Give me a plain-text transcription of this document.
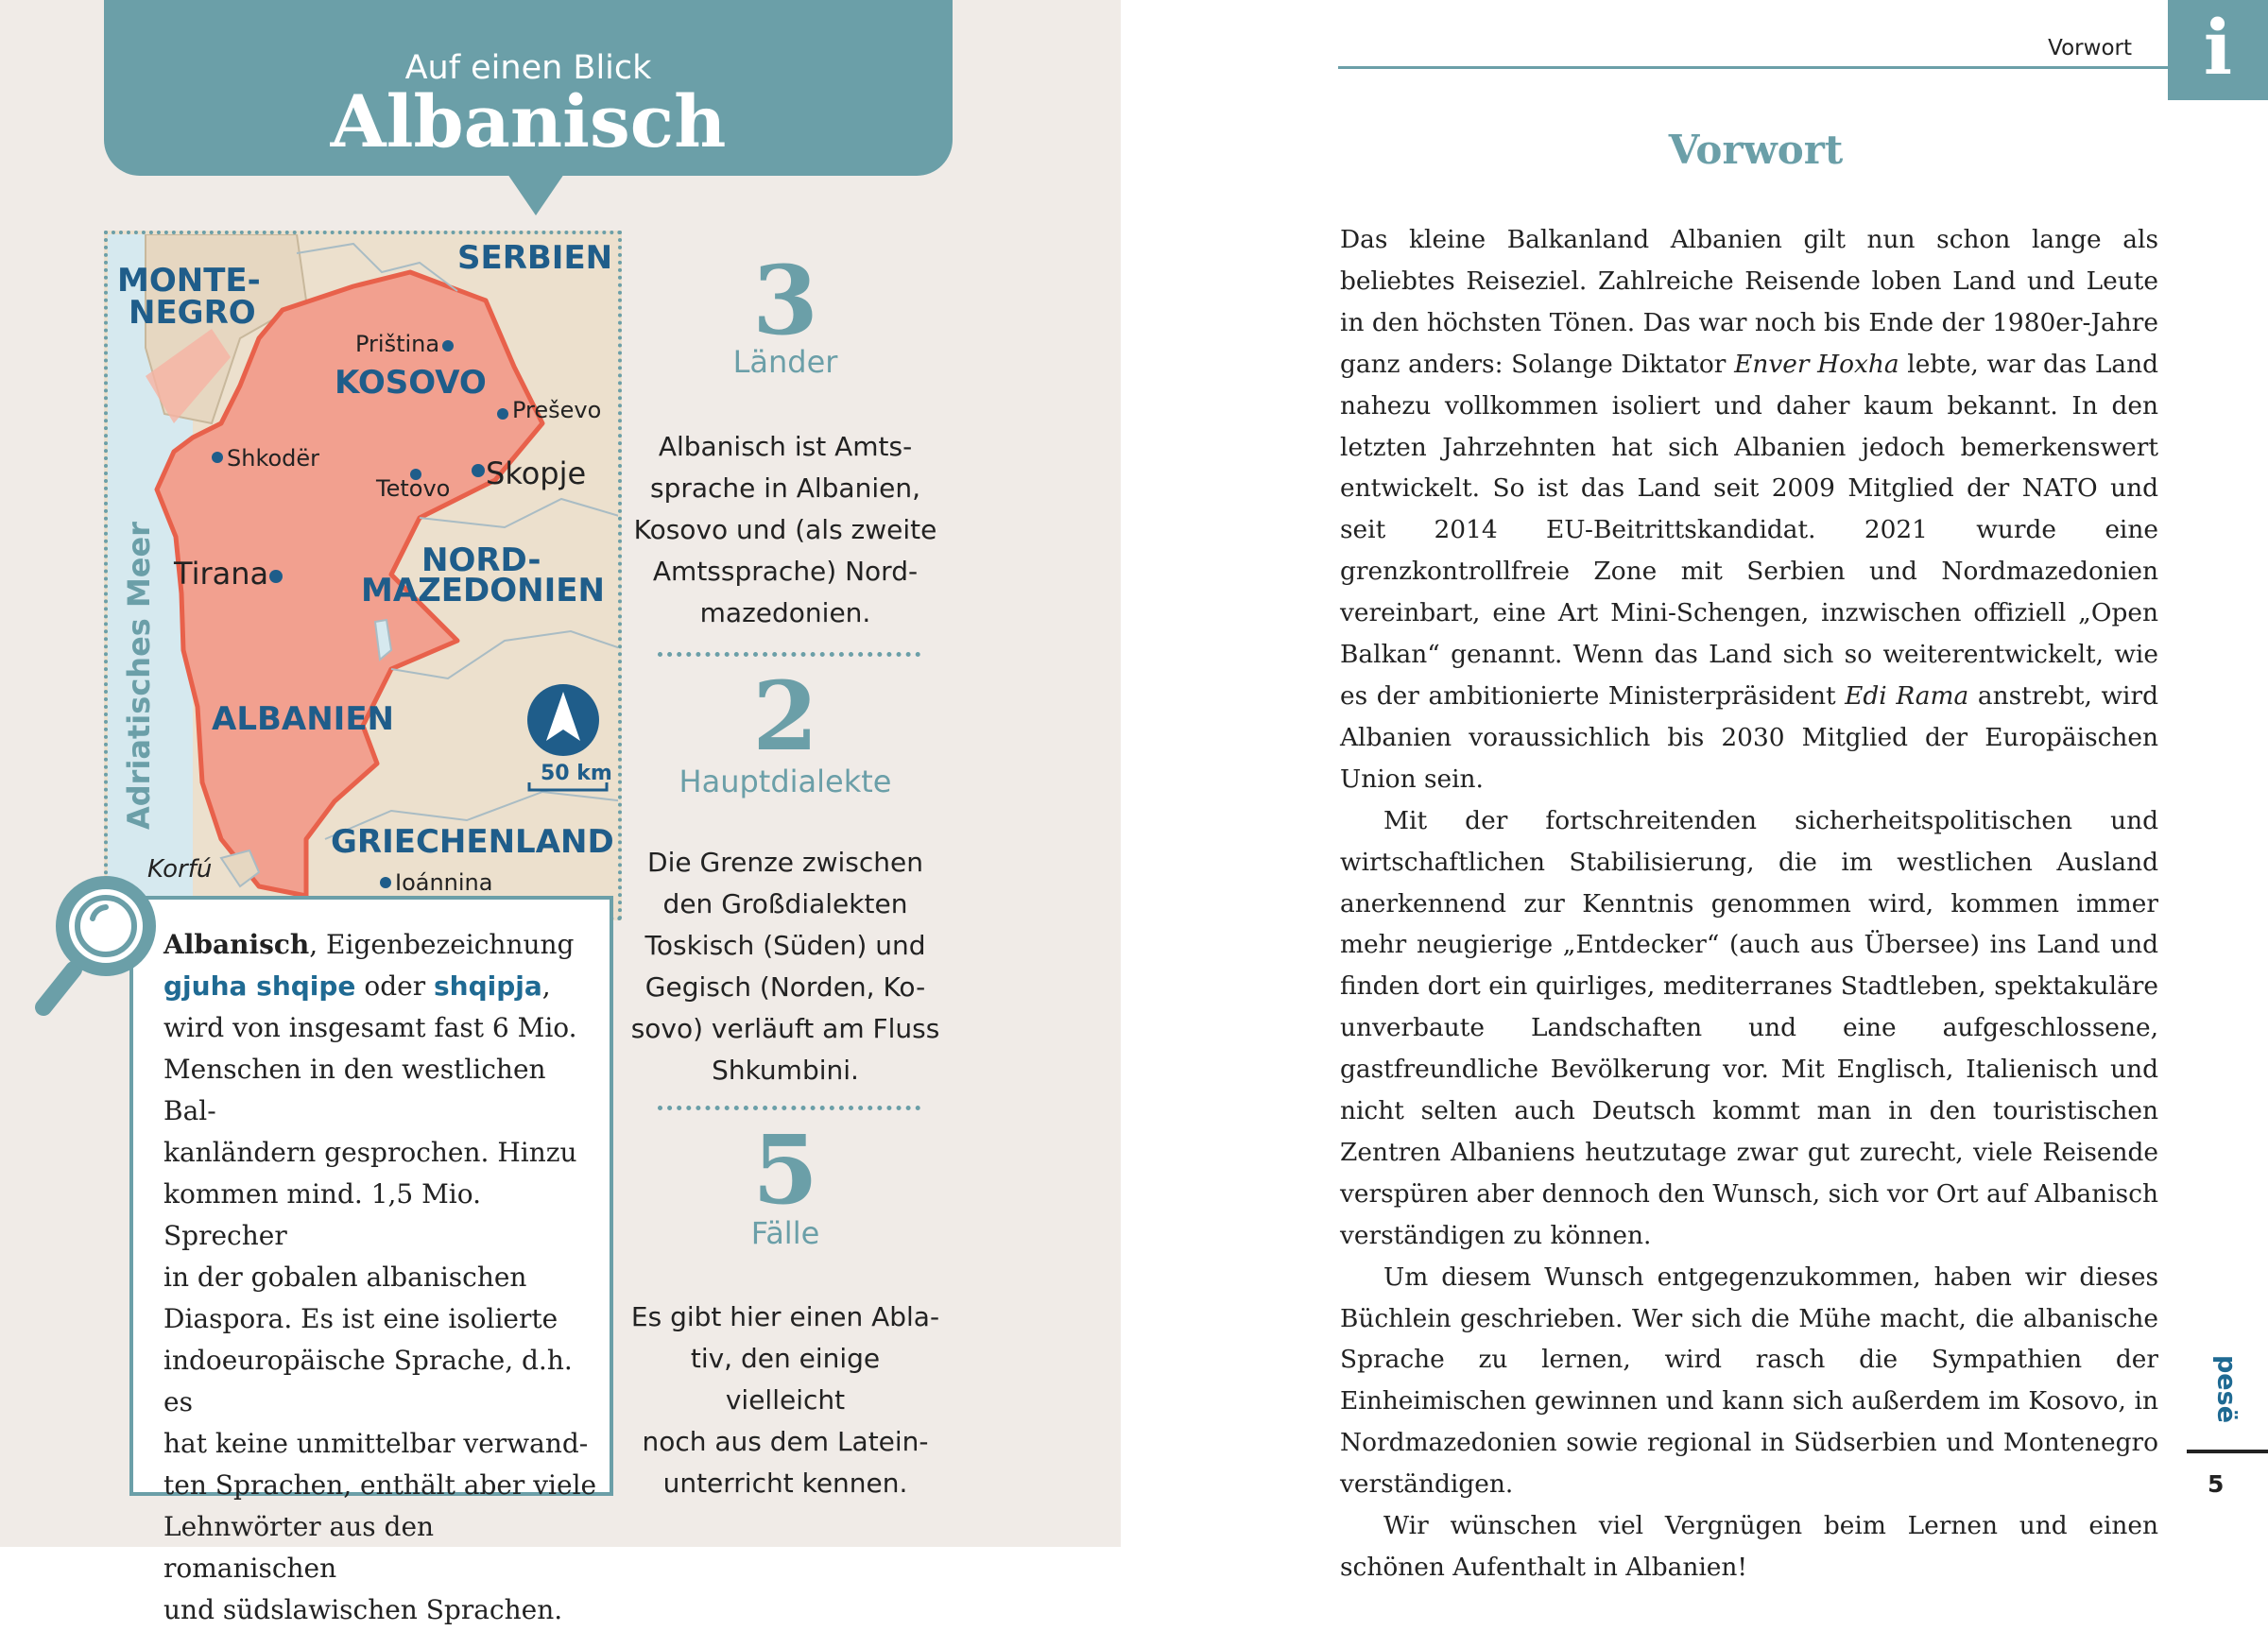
Auf einen Blick
Albanisch
MONTE-
NEGRO
SERBIEN
KOSOVO
NORD-
MAZEDONIEN
ALBANIEN
GRIECHENLAND
Priština
Preševo
Shkodër
Tetovo Skopje
Tirana
Ioánnina
Korfú
Adriatisches Meer	50 km
3
Länder
Albanisch ist Amts-
sprache in Albanien,
Kosovo und (als zweite
Amtssprache) Nord-
mazedonien.
2
Hauptdialekte
Die Grenze zwischen
den Großdialekten
Toskisch (Süden) und
Gegisch (Norden, Ko-
sovo) verläuft am Fluss
Shkumbini.
5
Fälle
Es gibt hier einen Abla-
tiv, den einige vielleicht
noch aus dem Latein-
unterricht kennen.
Albanisch, Eigenbezeichnung
gjuha shqipe oder shqipja,
wird von insgesamt fast 6 Mio.
Menschen in den westlichen Bal-
kanländern gesprochen. Hinzu
kommen mind. 1,5 Mio. Sprecher
in der gobalen albanischen
Diaspora. Es ist eine isolierte
indoeuropäische Sprache, d.h. es
hat keine unmittelbar verwand-
ten Sprachen, enthält aber viele
Lehnwörter aus den romanischen
und südslawischen Sprachen.
Vorwort i
Vorwort

Das kleine Balkanland Albanien gilt nun schon lange als beliebtes Reiseziel. Zahlreiche Reisende loben Land und Leute in den höchsten Tönen. Das war noch bis Ende der 1980er-Jahre ganz anders: Solange Diktator Enver Hoxha lebte, war das Land nahezu vollkommen isoliert und daher kaum bekannt. In den letzten Jahrzehnten hat sich Albanien jedoch bemerkenswert entwickelt. So ist das Land seit 2009 Mitglied der NATO und seit 2014 EU-Beitrittskandidat. 2021 wurde eine grenzkontrollfreie Zone mit Serbien und Nordmazedonien vereinbart, eine Art Mini-Schengen, inzwischen offiziell „Open Balkan“ genannt. Wenn das Land sich so weiterentwickelt, wie es der ambitionierte Ministerpräsident Edi Rama anstrebt, wird Albanien voraussichlich bis 2030 Mitglied der Europäischen Union sein.

Mit der fortschreitenden sicherheitspolitischen und wirtschaftlichen Stabilisierung, die im westlichen Ausland anerkennend zur Kenntnis genommen wird, kommen immer mehr neugierige „Entdecker“ (auch aus Übersee) ins Land und finden dort ein quirliges, mediterranes Stadtleben, spektakuläre unverbaute Landschaften und eine aufgeschlossene, gastfreundliche Bevölkerung vor. Mit Englisch, Italienisch und nicht selten auch Deutsch kommt man in den touristischen Zentren Albaniens heutzutage zwar gut zurecht, viele Reisende verspüren aber dennoch den Wunsch, sich vor Ort auf Albanisch verständigen zu können.

Um diesem Wunsch entgegenzukommen, haben wir dieses Büchlein geschrieben. Wer sich die Mühe macht, die albanische Sprache zu lernen, wird rasch die Sympathien der Einheimischen gewinnen und kann sich außerdem im Kosovo, in Nordmazedonien sowie regional in Südserbien und Montenegro verständigen.

Wir wünschen viel Vergnügen beim Lernen und einen schönen Aufenthalt in Albanien!

pesë
5
